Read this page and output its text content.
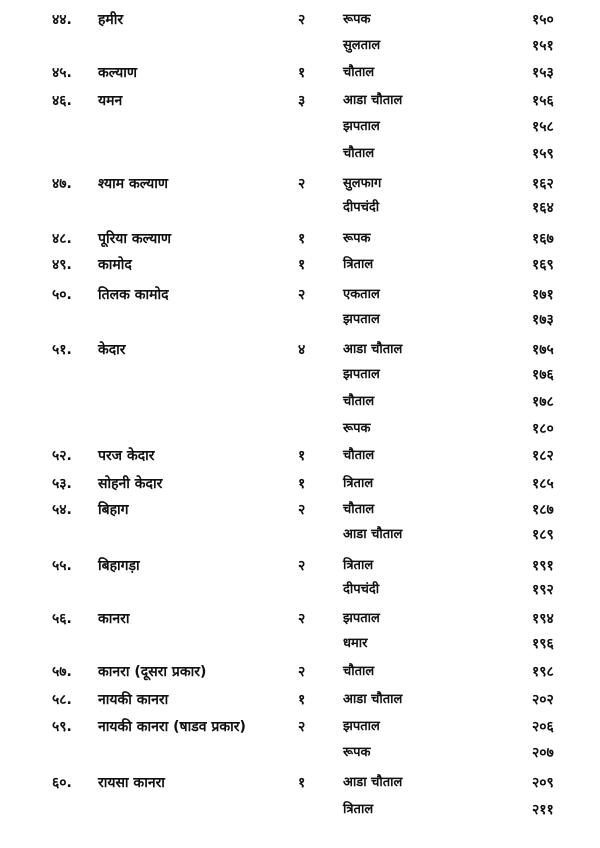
४४. हमीर	२	रूपक	१५०
सुलताल	१५१
४५. कल्याण	१	चौताल	१५३
४६. यमन	३	आडा चौताल	१५६
झपताल	१५८
चौताल	१५९
४७. श्याम कल्याण	२	सुलफाग	१६२
दीपचंदी	१६४
४८. पूरिया कल्याण	१	रूपक	१६७
४९. कामोद	१	त्रिताल	१६९
५०. तिलक कामोद	२	एकताल	१७१
झपताल	१७३
५१. केदार	४	आडा चौताल	१७५
झपताल	१७६
चौताल	१७८
रूपक	१८०
५२. परज केदार	१	चौताल	१८२
५३. सोहनी केदार	१	त्रिताल	१८५
५४. बिहाग	२	चौताल	१८७
आडा चौताल	१८९
५५. बिहागड़ा	२	त्रिताल	१९१
दीपचंदी	१९२
५६. कानरा	२	झपताल	१९४
धमार	१९६
५७. कानरा (दूसरा प्रकार)	२	चौताल	१९८
५८. नायकी कानरा	१	आडा चौताल	२०२
५९. नायकी कानरा (षाडव प्रकार)	२	झपताल	२०६
रूपक	२०७
६०. रायसा कानरा	१	आडा चौताल	२०९
त्रिताल	२११
